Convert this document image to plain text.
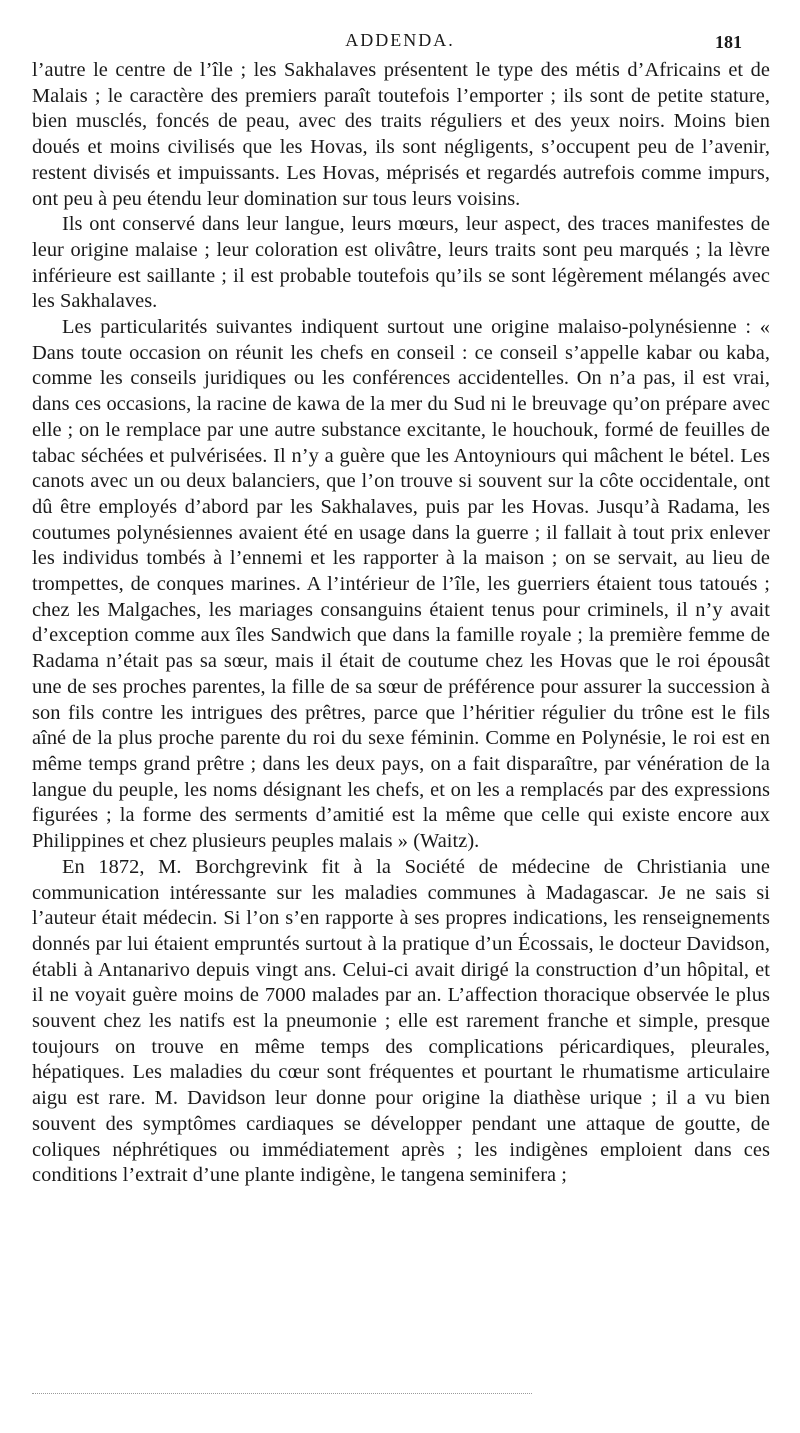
ADDENDA.	181

l’autre le centre de l’île ; les Sakhalaves présentent le type des métis d’Africains et de Malais ; le caractère des premiers paraît toutefois l’emporter ; ils sont de petite stature, bien musclés, foncés de peau, avec des traits réguliers et des yeux noirs. Moins bien doués et moins civilisés que les Hovas, ils sont négligents, s’occupent peu de l’avenir, restent divisés et impuissants. Les Hovas, méprisés et regardés autrefois comme impurs, ont peu à peu étendu leur domination sur tous leurs voisins.

Ils ont conservé dans leur langue, leurs mœurs, leur aspect, des traces manifestes de leur origine malaise ; leur coloration est olivâtre, leurs traits sont peu marqués ; la lèvre inférieure est saillante ; il est probable toutefois qu’ils se sont légèrement mélangés avec les Sakhalaves.

Les particularités suivantes indiquent surtout une origine malaiso-polynésienne : « Dans toute occasion on réunit les chefs en conseil : ce conseil s’appelle kabar ou kaba, comme les conseils juridiques ou les conférences accidentelles. On n’a pas, il est vrai, dans ces occasions, la racine de kawa de la mer du Sud ni le breuvage qu’on prépare avec elle ; on le remplace par une autre substance excitante, le houchouk, formé de feuilles de tabac séchées et pulvérisées. Il n’y a guère que les Antoyniours qui mâchent le bétel. Les canots avec un ou deux balanciers, que l’on trouve si souvent sur la côte occidentale, ont dû être employés d’abord par les Sakhalaves, puis par les Hovas. Jusqu’à Radama, les coutumes polynésiennes avaient été en usage dans la guerre ; il fallait à tout prix enlever les individus tombés à l’ennemi et les rapporter à la maison ; on se servait, au lieu de trompettes, de conques marines. A l’intérieur de l’île, les guerriers étaient tous tatoués ; chez les Malgaches, les mariages consanguins étaient tenus pour criminels, il n’y avait d’exception comme aux îles Sandwich que dans la famille royale ; la première femme de Radama n’était pas sa sœur, mais il était de coutume chez les Hovas que le roi épousât une de ses proches parentes, la fille de sa sœur de préférence pour assurer la succession à son fils contre les intrigues des prêtres, parce que l’héritier régulier du trône est le fils aîné de la plus proche parente du roi du sexe féminin. Comme en Polynésie, le roi est en même temps grand prêtre ; dans les deux pays, on a fait disparaître, par vénération de la langue du peuple, les noms désignant les chefs, et on les a remplacés par des expressions figurées ; la forme des serments d’amitié est la même que celle qui existe encore aux Philippines et chez plusieurs peuples malais » (Waitz).

En 1872, M. Borchgrevink fit à la Société de médecine de Christiania une communication intéressante sur les maladies communes à Madagascar. Je ne sais si l’auteur était médecin. Si l’on s’en rapporte à ses propres indications, les renseignements donnés par lui étaient empruntés surtout à la pratique d’un Écossais, le docteur Davidson, établi à Antanarivo depuis vingt ans. Celui-ci avait dirigé la construction d’un hôpital, et il ne voyait guère moins de 7000 malades par an. L’affection thoracique observée le plus souvent chez les natifs est la pneumonie ; elle est rarement franche et simple, presque toujours on trouve en même temps des complications péricardiques, pleurales, hépatiques. Les maladies du cœur sont fréquentes et pourtant le rhumatisme articulaire aigu est rare. M. Davidson leur donne pour origine la diathèse urique ; il a vu bien souvent des symptômes cardiaques se développer pendant une attaque de goutte, de coliques néphrétiques ou immédiatement après ; les indigènes emploient dans ces conditions l’extrait d’une plante indigène, le tangena seminifera ;
